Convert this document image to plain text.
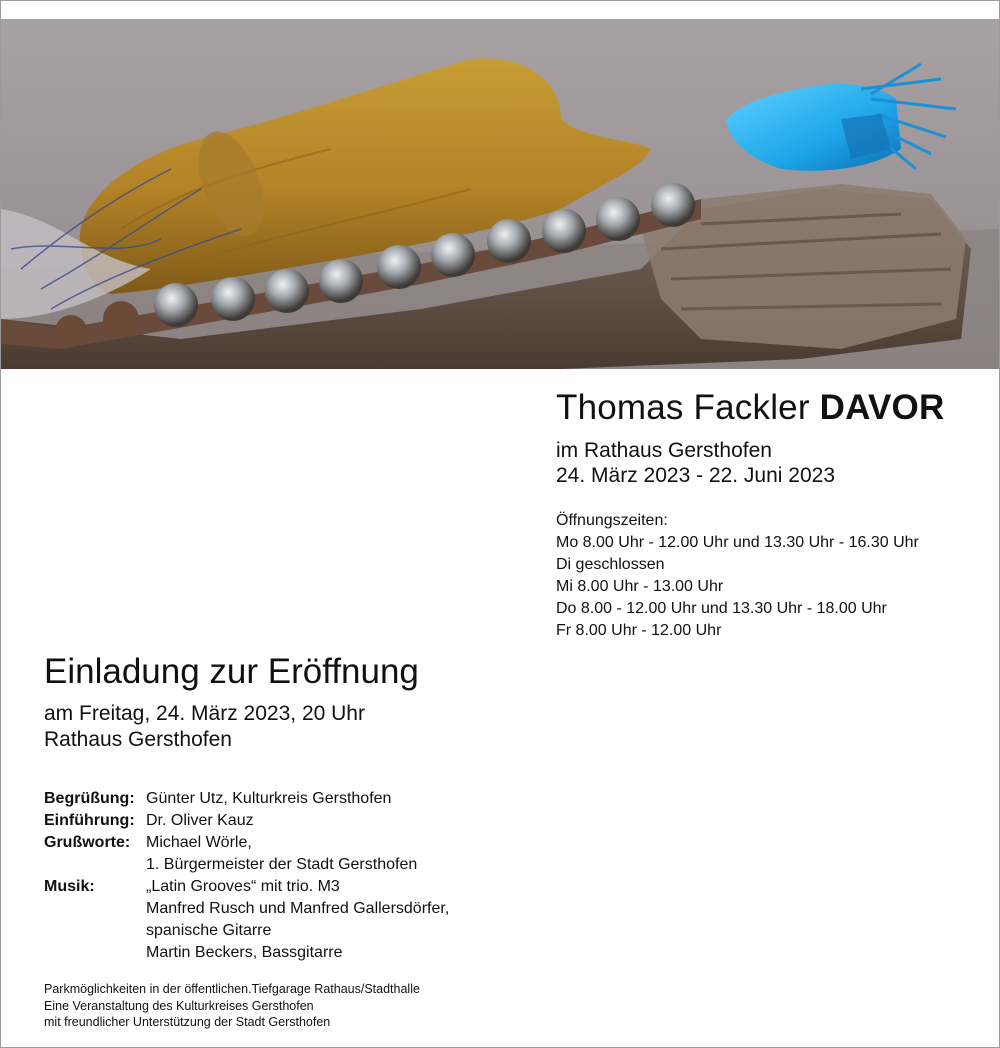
Thomas Fackler DAVOR
im Rathaus Gersthofen
24. März 2023 - 22. Juni 2023
Öffnungszeiten:
Mo 8.00 Uhr - 12.00 Uhr und 13.30 Uhr - 16.30 Uhr
Di geschlossen
Mi 8.00 Uhr - 13.00 Uhr
Do 8.00 - 12.00 Uhr und 13.30 Uhr - 18.00 Uhr
Fr 8.00 Uhr - 12.00 Uhr
Einladung zur Eröffnung
am Freitag, 24. März 2023, 20 Uhr
Rathaus Gersthofen
Begrüßung: Günter Utz, Kulturkreis Gersthofen
Einführung: Dr. Oliver Kauz
Grußworte: Michael Wörle,
1. Bürgermeister der Stadt Gersthofen
Musik:	„Latin Grooves“ mit trio. M3
Manfred Rusch und Manfred Gallersdörfer,
spanische Gitarre
Martin Beckers, Bassgitarre
Parkmöglichkeiten in der öffentlichen.Tiefgarage Rathaus/Stadthalle
Eine Veranstaltung des Kulturkreises Gersthofen
mit freundlicher Unterstützung der Stadt Gersthofen
